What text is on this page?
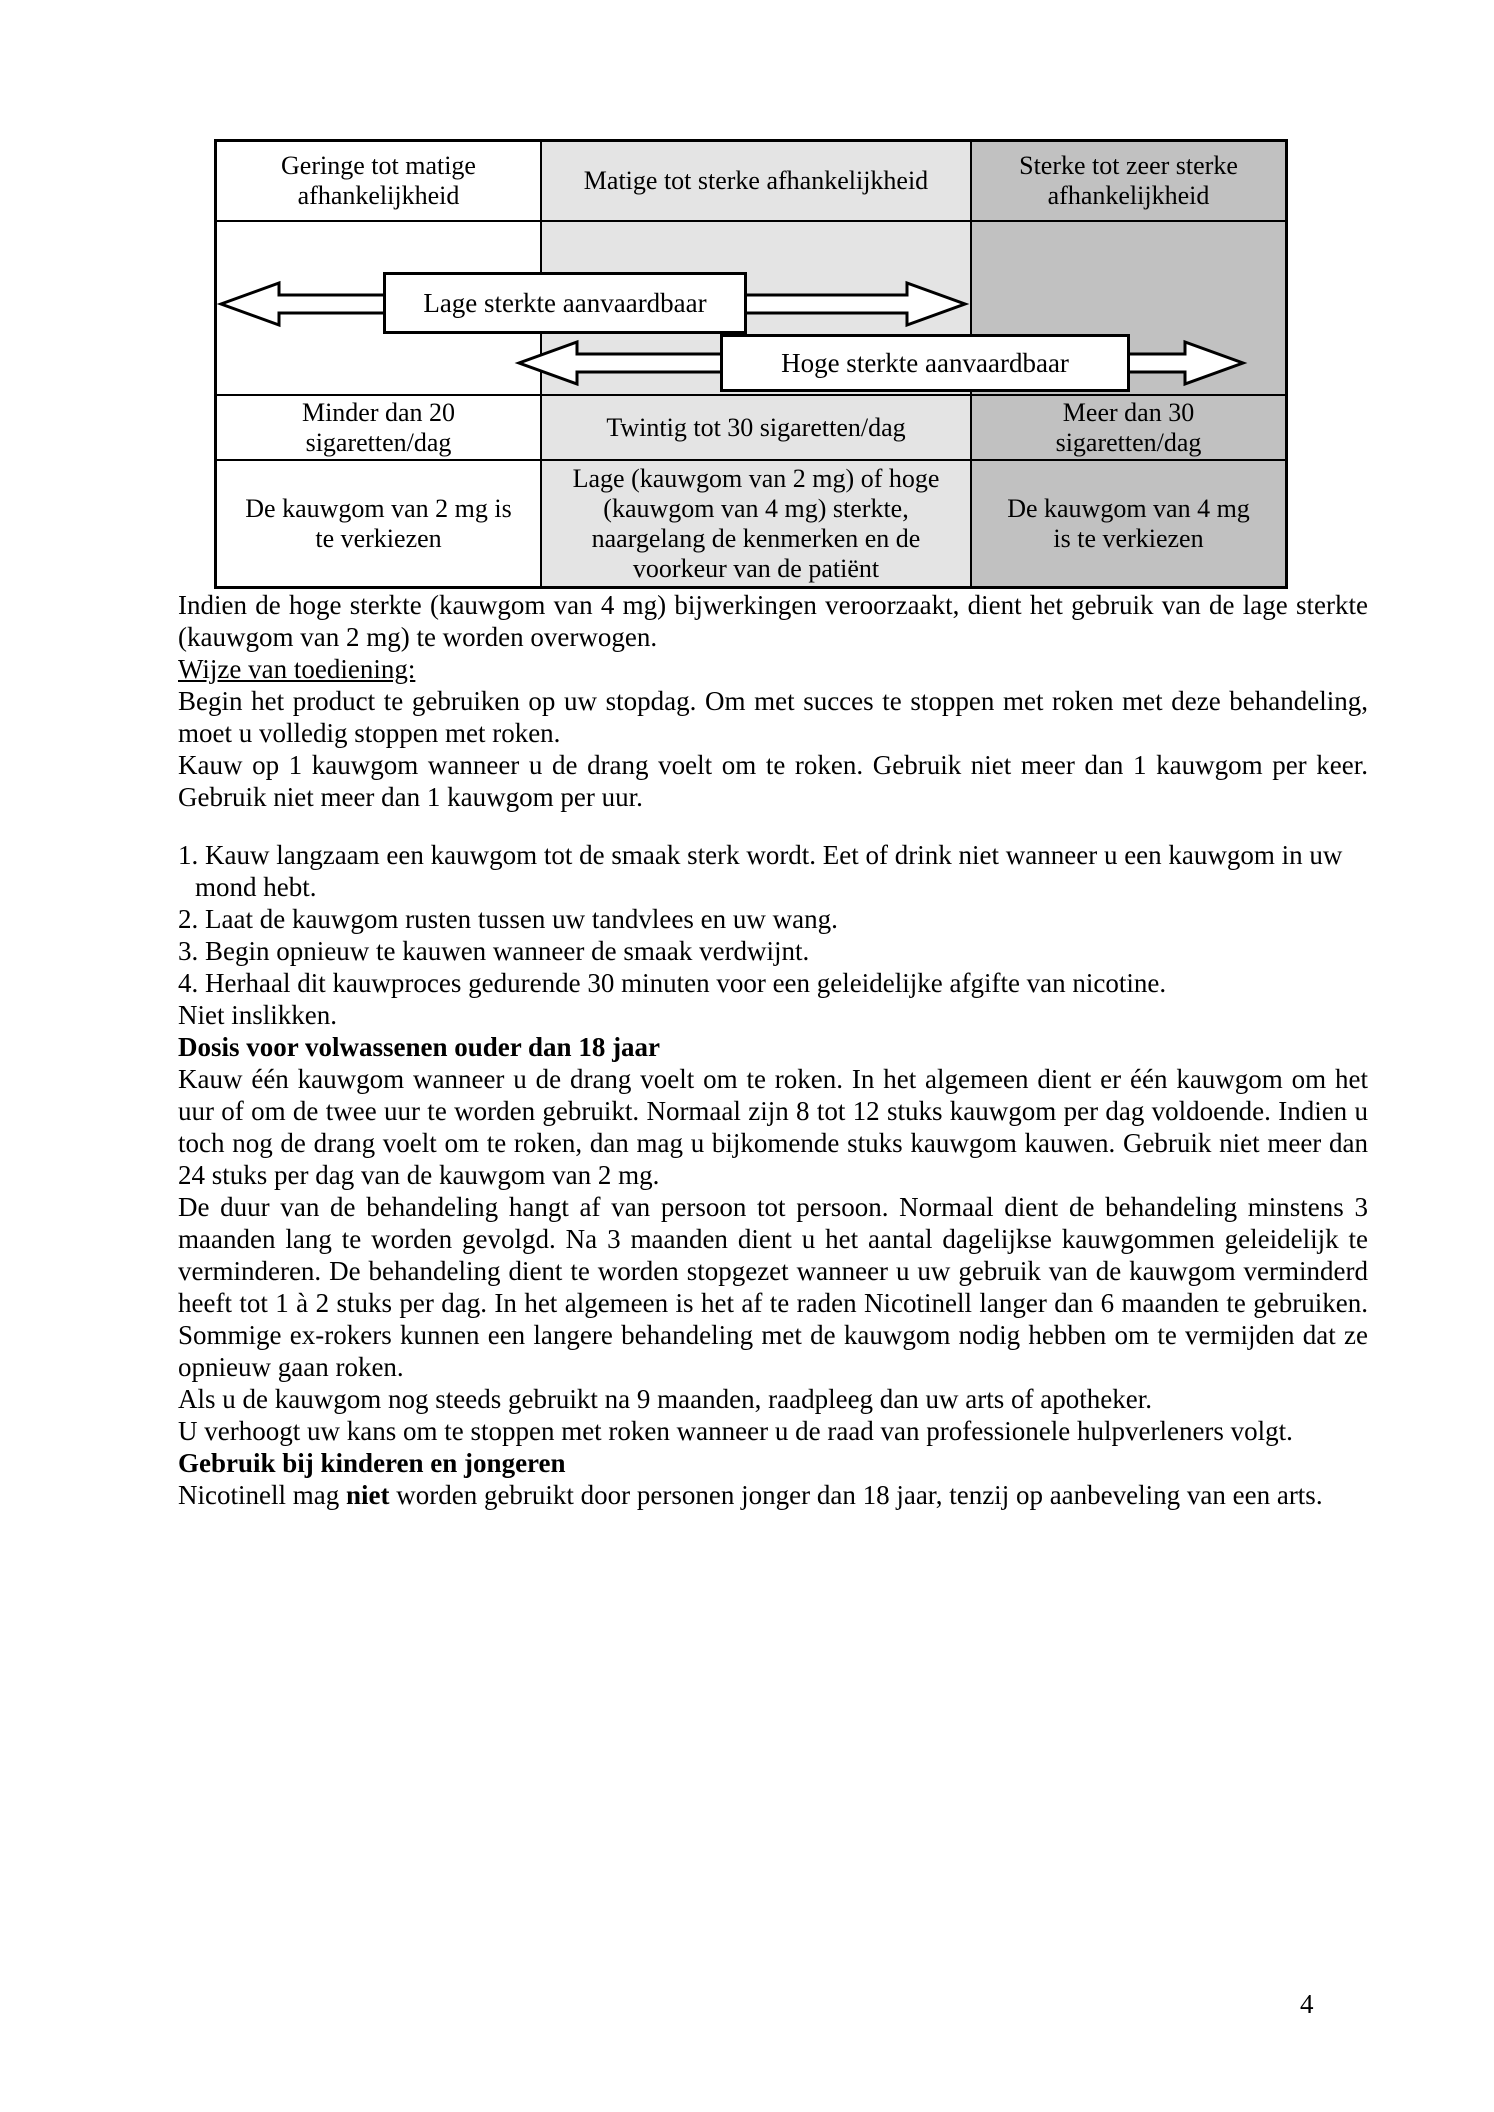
Geringe tot matige afhankelijkheid
Matige tot sterke afhankelijkheid
Sterke tot zeer sterke afhankelijkheid
Minder dan 20 sigaretten/dag
Twintig tot 30 sigaretten/dag
Meer dan 30 sigaretten/dag
De kauwgom van 2 mg is te verkiezen
Lage (kauwgom van 2 mg) of hoge (kauwgom van 4 mg) sterkte, naargelang de kenmerken en de voorkeur van de patiënt
De kauwgom van 4 mg is te verkiezen
Lage sterkte aanvaardbaar
Hoge sterkte aanvaardbaar

Indien de hoge sterkte (kauwgom van 4 mg) bijwerkingen veroorzaakt, dient het gebruik van de lage sterkte (kauwgom van 2 mg) te worden overwogen.

Wijze van toediening:

Begin het product te gebruiken op uw stopdag. Om met succes te stoppen met roken met deze behandeling, moet u volledig stoppen met roken.

Kauw op 1 kauwgom wanneer u de drang voelt om te roken. Gebruik niet meer dan 1 kauwgom per keer. Gebruik niet meer dan 1 kauwgom per uur.

1. Kauw langzaam een kauwgom tot de smaak sterk wordt. Eet of drink niet wanneer u een kauwgom in uw mond hebt.

2. Laat de kauwgom rusten tussen uw tandvlees en uw wang.

3. Begin opnieuw te kauwen wanneer de smaak verdwijnt.

4. Herhaal dit kauwproces gedurende 30 minuten voor een geleidelijke afgifte van nicotine.

Niet inslikken.

Dosis voor volwassenen ouder dan 18 jaar

Kauw één kauwgom wanneer u de drang voelt om te roken. In het algemeen dient er één kauwgom om het uur of om de twee uur te worden gebruikt. Normaal zijn 8 tot 12 stuks kauwgom per dag voldoende. Indien u toch nog de drang voelt om te roken, dan mag u bijkomende stuks kauwgom kauwen. Gebruik niet meer dan 24 stuks per dag van de kauwgom van 2 mg.

De duur van de behandeling hangt af van persoon tot persoon. Normaal dient de behandeling minstens 3 maanden lang te worden gevolgd. Na 3 maanden dient u het aantal dagelijkse kauwgommen geleidelijk te verminderen. De behandeling dient te worden stopgezet wanneer u uw gebruik van de kauwgom verminderd heeft tot 1 à 2 stuks per dag. In het algemeen is het af te raden Nicotinell langer dan 6 maanden te gebruiken. Sommige ex-rokers kunnen een langere behandeling met de kauwgom nodig hebben om te vermijden dat ze opnieuw gaan roken.

Als u de kauwgom nog steeds gebruikt na 9 maanden, raadpleeg dan uw arts of apotheker.

U verhoogt uw kans om te stoppen met roken wanneer u de raad van professionele hulpverleners volgt.

Gebruik bij kinderen en jongeren

Nicotinell mag niet worden gebruikt door personen jonger dan 18 jaar, tenzij op aanbeveling van een arts.

4
